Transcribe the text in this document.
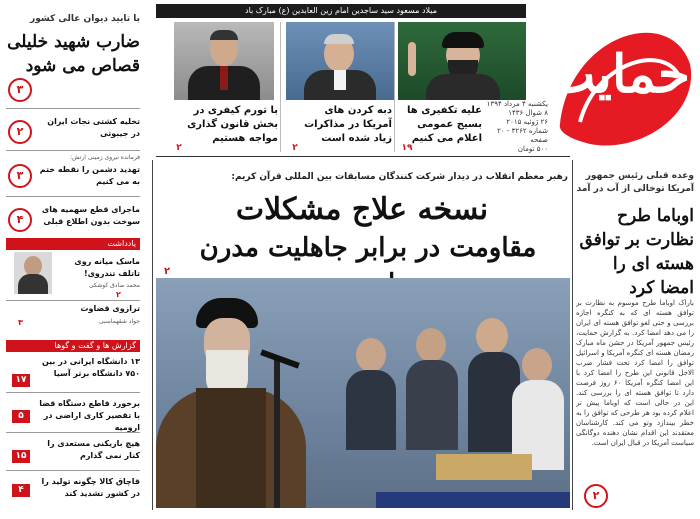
حمایت
یکشنبه ۴ مرداد ۱۳۹۴
۸ شوال ۱۴۳۶
۲۶ ژوئیه ۲۰۱۵
شماره ۳۲۶۲ - ۲۰ صفحه
۵۰۰ تومان
میلاد مسعود سید ساجدین امام زین العابدین (ع) مبارک باد
علیه تکفیری ها بسیج عمومی اعلام می کنیم
۱۹
دبه کردن های آمریکا در مذاکرات زیاد شده است
۲
با تورم کیفری در بخش قانون گذاری مواجه هستیم
۲
رهبر معظم انقلاب در دیدار شرکت کنندگان مسابقات بین المللی قرآن کریم:
نسخه علاج مشکلات
مقاومت در برابر جاهلیت مدرن
۲
وعده قبلی رئیس جمهور آمریکا توخالی از آب در آمد
اوباما طرح نظارت بر توافق هسته ای را امضا کرد
باراک اوباما طرح موسوم به نظارت بر توافق هسته ای که به کنگره اجازه بررسی و حتی لغو توافق هسته ای ایران را می دهد امضا کرد. به گزارش حمایت، رئیس جمهور آمریکا در جشن ماه مبارک رمضان هسته ای کنگره آمریکا و اسرائیل توافق را امضا کرد تحت فشار ضرب الاجل قانونی این طرح را امضا کرد با این امضا کنگره آمریکا ۶۰ روز فرصت دارد تا توافق هسته ای را بررسی کند. این در حالی است که اوباما پیش تر اعلام کرده بود هر طرحی که توافق را به خطر بیندازد وتو می کند. کارشناسان معتقدند این اقدام نشان دهنده دوگانگی سیاست آمریکا در قبال ایران است.
۲
با تایید دیوان عالی کشور
ضارب شهید خلیلی قصاص می شود
۳
تخلیه کشتی نجات ایران در جیبوتی
۲
فرمانده نیروی زمینی ارتش:
تهدید دشمن را نقطه ختم به می کنیم
۳
ماجرای قطع سهمیه های سوخت بدون اطلاع قبلی
۴
یادداشت
ماسک میانه روی تاتلف تندروی!
محمد صادق کوشکی
۲
ترازوی قضاوت
جواد شقهماسبی
۳
گزارش ها و گفت و گوها
۱۳ دانشگاه ایرانی در بین ۷۵۰ دانشگاه برتر آسیا
۱۷
برخورد قاطع دستگاه قضا با تقصیر کاری اراضی در ارومیه
۵
هیچ بازیکنی مستعدی را کنار نمی گذارم
۱۵
قاچاق کالا چگونه تولید را در کشور تشدید کند
۴
